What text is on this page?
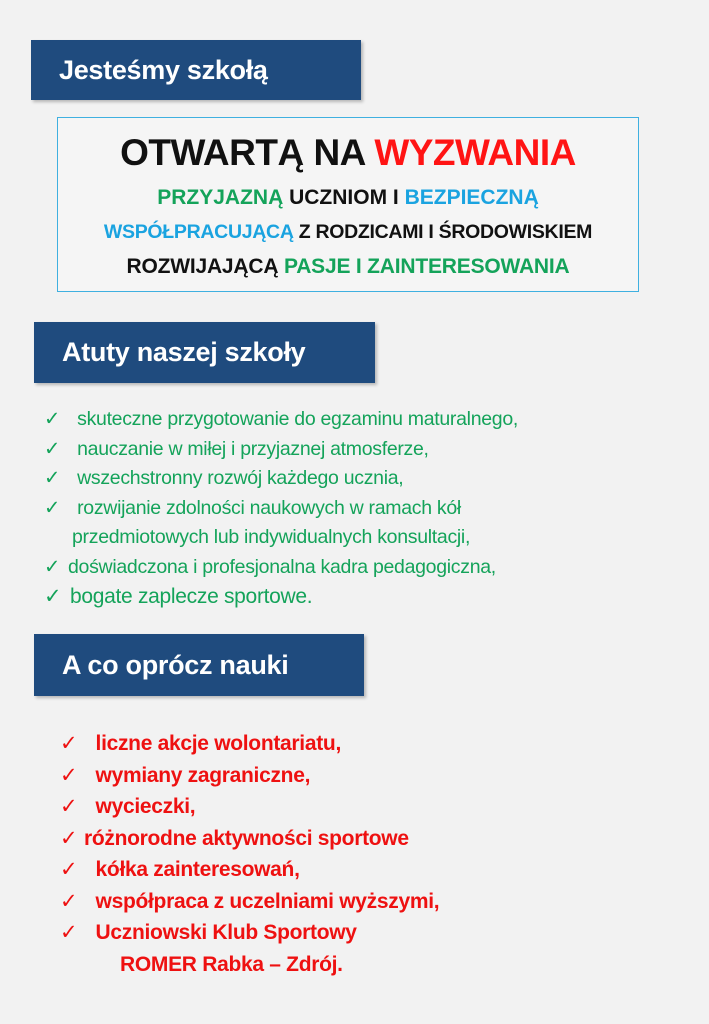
Jesteśmy szkołą
OTWARTĄ NA WYZWANIA
PRZYJAZNĄ UCZNIOM I BEZPIECZNĄ
WSPÓŁPRACUJĄCĄ Z RODZICAMI I ŚRODOWISKIEM
ROZWIJAJĄCĄ PASJE I ZAINTERESOWANIA
Atuty naszej szkoły
✓ skuteczne przygotowanie do egzaminu maturalnego,
✓ nauczanie w miłej i przyjaznej atmosferze,
✓ wszechstronny rozwój każdego ucznia,
✓ rozwijanie zdolności naukowych w ramach kół
przedmiotowych lub indywidualnych konsultacji,
✓ doświadczona i profesjonalna kadra pedagogiczna,
✓ bogate zaplecze sportowe.
A co oprócz nauki
✓ liczne akcje wolontariatu,
✓ wymiany zagraniczne,
✓ wycieczki,
✓ różnorodne aktywności sportowe
✓ kółka zainteresowań,
✓ współpraca z uczelniami wyższymi,
✓ Uczniowski Klub Sportowy
ROMER Rabka – Zdrój.
